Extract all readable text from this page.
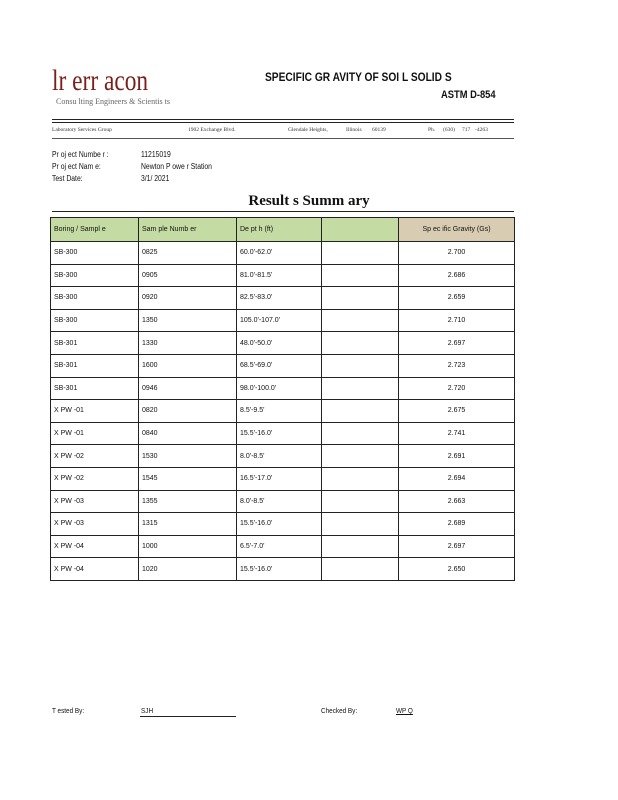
lr err acon
Consu lting Engineers & Scientis ts
SPECIFIC GR AVITY OF SOI L SOLID S
ASTM D-854
Laboratory Services Group	1902 Exchange Blvd.	Glendale Heights,	Illinois 60139	Ph. (630) 717 -4263
Pr oj ect Numbe r :	11215019
Pr oj ect Nam e:	Newton P owe r Station
Test Date:	3/1/ 2021
Result s Summ ary
Boring / Sampl e	Sam ple Numb er	De pt h (ft)		Sp ec ific Gravity (Gs)
SB-300	0825	60.0'-62.0'		2.700
SB-300	0905	81.0'-81.5'		2.686
SB-300	0920	82.5'-83.0'		2.659
SB-300	1350	105.0'-107.0'		2.710
SB-301	1330	48.0'-50.0'		2.697
SB-301	1600	68.5'-69.0'		2.723
SB-301	0946	98.0'-100.0'		2.720
X PW -01	0820	8.5'-9.5'		2.675
X PW -01	0840	15.5'-16.0'		2.741
X PW -02	1530	8.0'-8.5'		2.691
X PW -02	1545	16.5'-17.0'		2.694
X PW -03	1355	8.0'-8.5'		2.663
X PW -03	1315	15.5'-16.0'		2.689
X PW -04	1000	6.5'-7.0'		2.697
X PW -04	1020	15.5'-16.0'		2.650
T ested By:	SJH	Checked By:	WP Q
